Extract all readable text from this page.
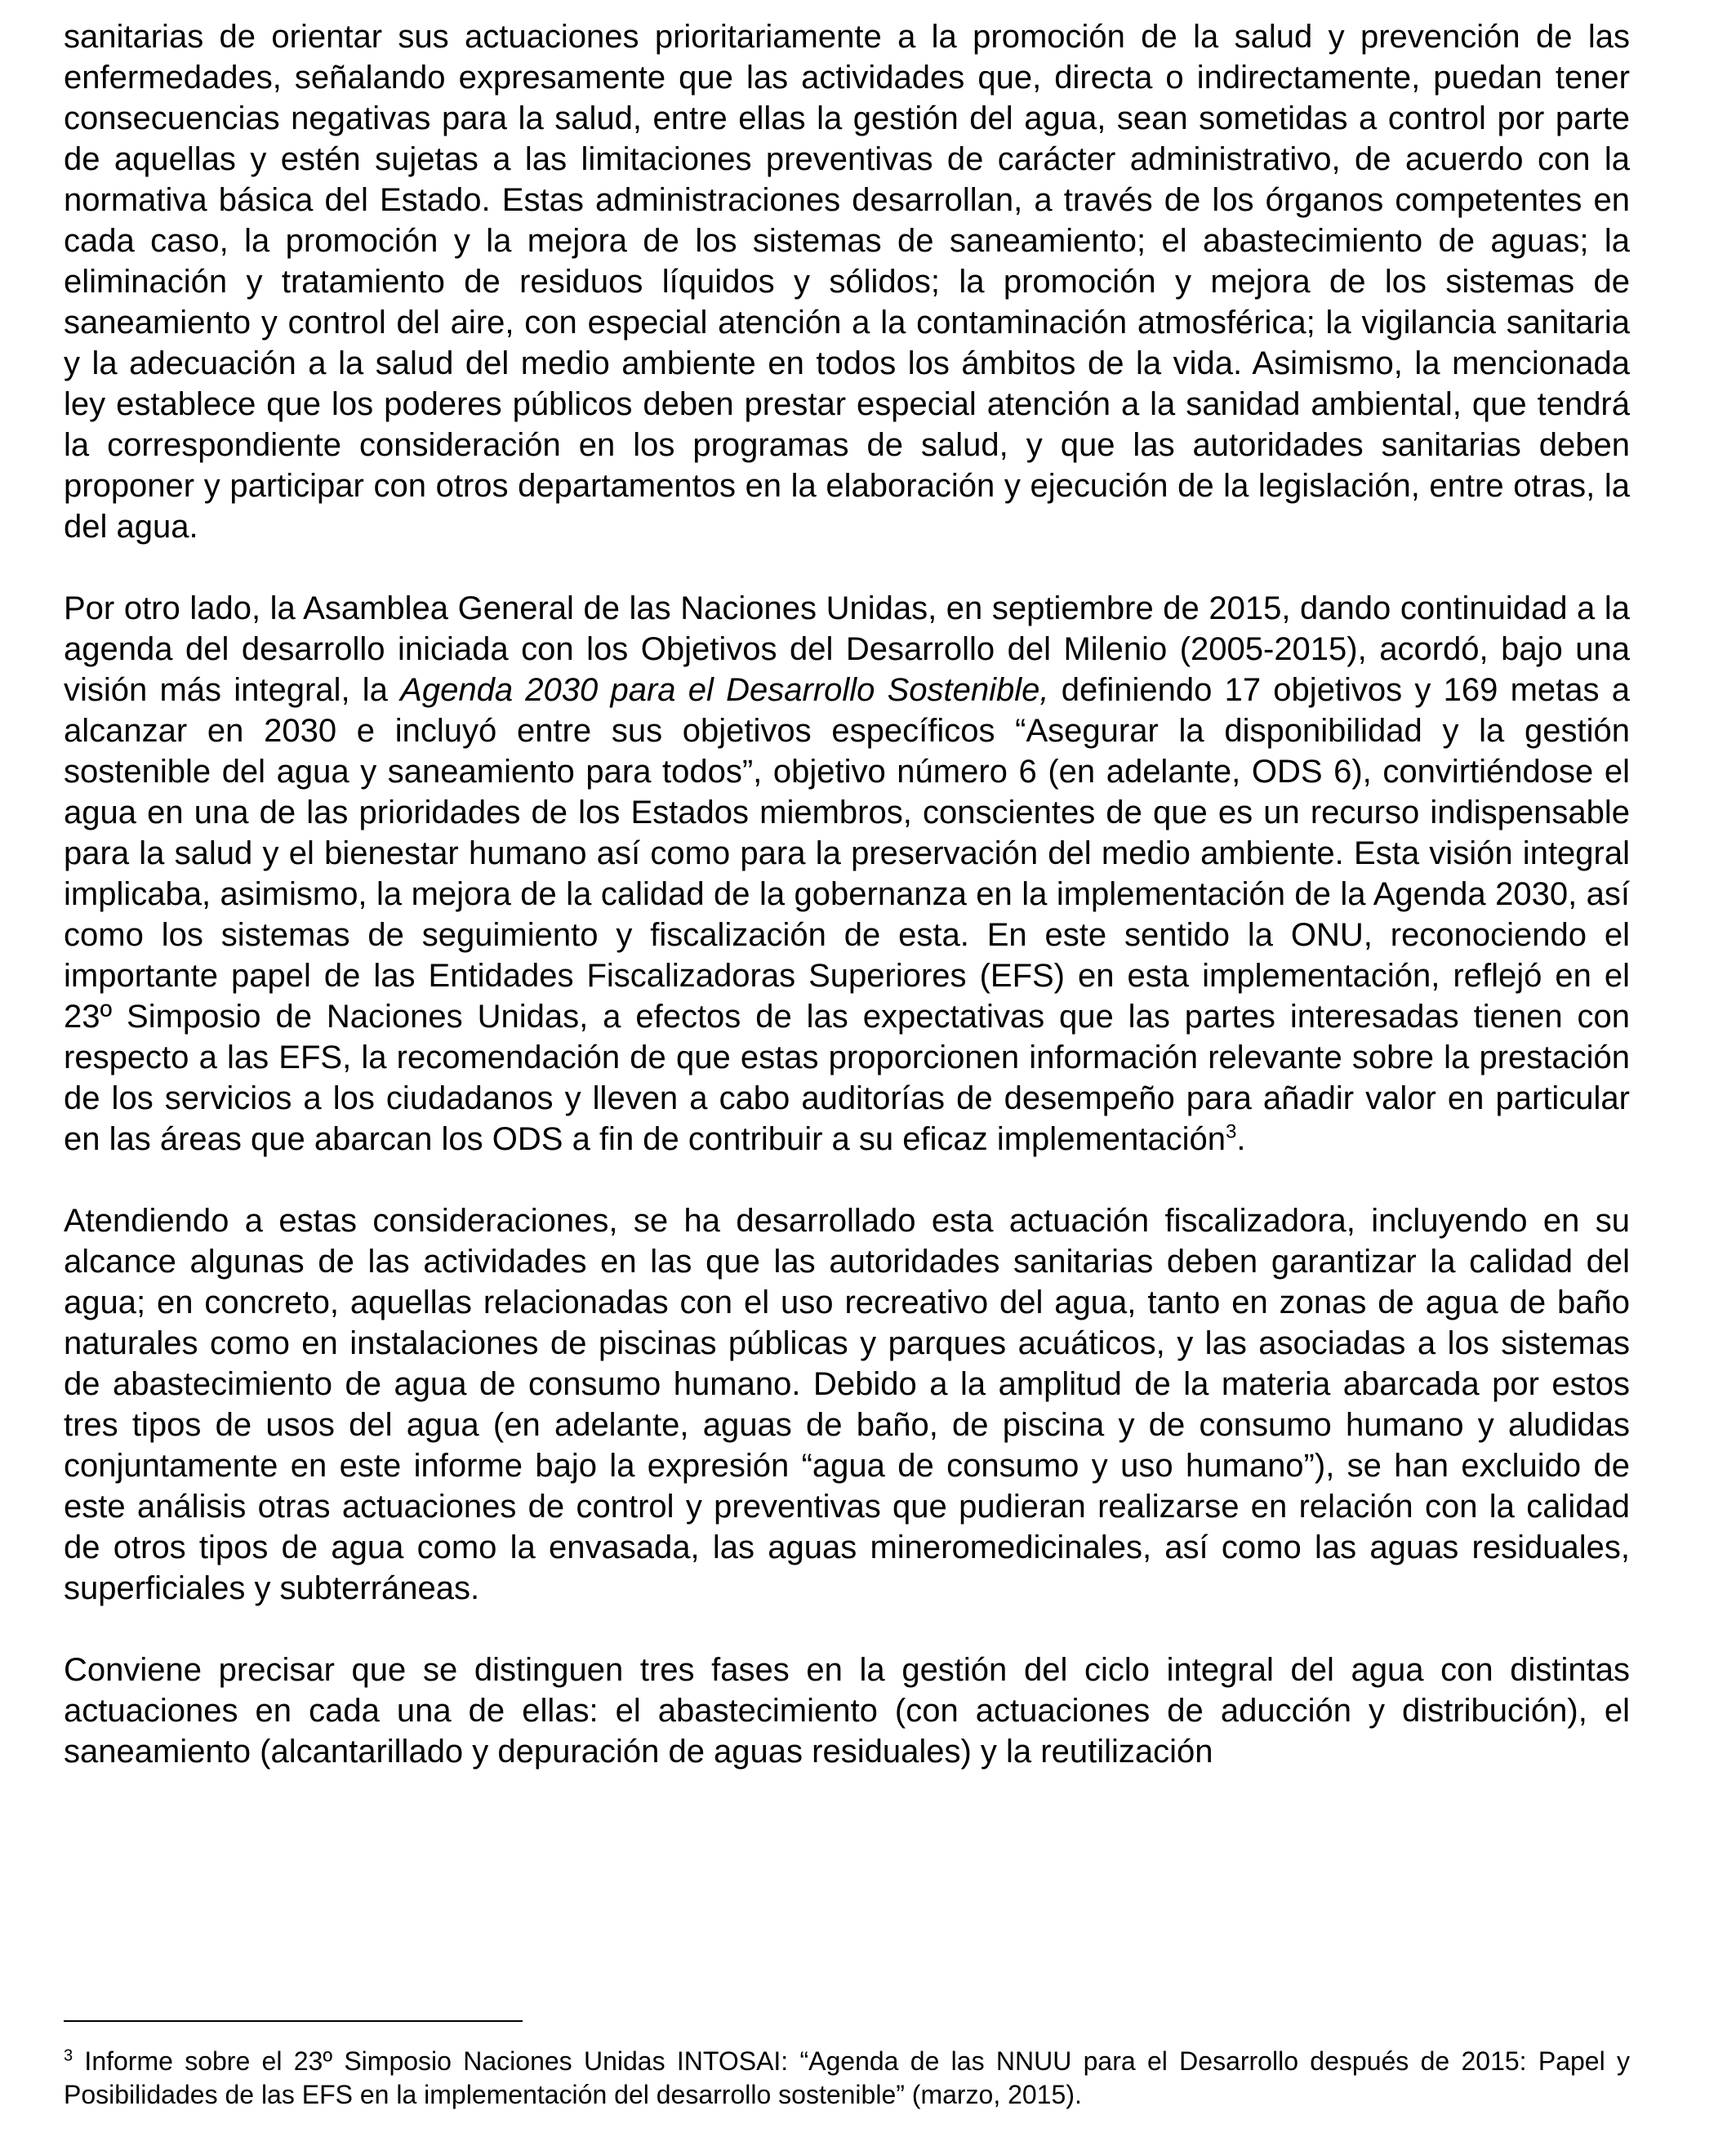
sanitarias de orientar sus actuaciones prioritariamente a la promoción de la salud y prevención de las enfermedades, señalando expresamente que las actividades que, directa o indirectamente, puedan tener consecuencias negativas para la salud, entre ellas la gestión del agua, sean sometidas a control por parte de aquellas y estén sujetas a las limitaciones preventivas de carácter administrativo, de acuerdo con la normativa básica del Estado. Estas administraciones desarrollan, a través de los órganos competentes en cada caso, la promoción y la mejora de los sistemas de saneamiento; el abastecimiento de aguas; la eliminación y tratamiento de residuos líquidos y sólidos; la promoción y mejora de los sistemas de saneamiento y control del aire, con especial atención a la contaminación atmosférica; la vigilancia sanitaria y la adecuación a la salud del medio ambiente en todos los ámbitos de la vida. Asimismo, la mencionada ley establece que los poderes públicos deben prestar especial atención a la sanidad ambiental, que tendrá la correspondiente consideración en los programas de salud, y que las autoridades sanitarias deben proponer y participar con otros departamentos en la elaboración y ejecución de la legislación, entre otras, la del agua.

Por otro lado, la Asamblea General de las Naciones Unidas, en septiembre de 2015, dando continuidad a la agenda del desarrollo iniciada con los Objetivos del Desarrollo del Milenio (2005-2015), acordó, bajo una visión más integral, la Agenda 2030 para el Desarrollo Sostenible, definiendo 17 objetivos y 169 metas a alcanzar en 2030 e incluyó entre sus objetivos específicos “Asegurar la disponibilidad y la gestión sostenible del agua y saneamiento para todos”, objetivo número 6 (en adelante, ODS 6), convirtiéndose el agua en una de las prioridades de los Estados miembros, conscientes de que es un recurso indispensable para la salud y el bienestar humano así como para la preservación del medio ambiente. Esta visión integral implicaba, asimismo, la mejora de la calidad de la gobernanza en la implementación de la Agenda 2030, así como los sistemas de seguimiento y fiscalización de esta. En este sentido la ONU, reconociendo el importante papel de las Entidades Fiscalizadoras Superiores (EFS) en esta implementación, reflejó en el 23º Simposio de Naciones Unidas, a efectos de las expectativas que las partes interesadas tienen con respecto a las EFS, la recomendación de que estas proporcionen información relevante sobre la prestación de los servicios a los ciudadanos y lleven a cabo auditorías de desempeño para añadir valor en particular en las áreas que abarcan los ODS a fin de contribuir a su eficaz implementación$^3$.

Atendiendo a estas consideraciones, se ha desarrollado esta actuación fiscalizadora, incluyendo en su alcance algunas de las actividades en las que las autoridades sanitarias deben garantizar la calidad del agua; en concreto, aquellas relacionadas con el uso recreativo del agua, tanto en zonas de agua de baño naturales como en instalaciones de piscinas públicas y parques acuáticos, y las asociadas a los sistemas de abastecimiento de agua de consumo humano. Debido a la amplitud de la materia abarcada por estos tres tipos de usos del agua (en adelante, aguas de baño, de piscina y de consumo humano y aludidas conjuntamente en este informe bajo la expresión “agua de consumo y uso humano”), se han excluido de este análisis otras actuaciones de control y preventivas que pudieran realizarse en relación con la calidad de otros tipos de agua como la envasada, las aguas mineromedicinales, así como las aguas residuales, superficiales y subterráneas.

Conviene precisar que se distinguen tres fases en la gestión del ciclo integral del agua con distintas actuaciones en cada una de ellas: el abastecimiento (con actuaciones de aducción y distribución), el saneamiento (alcantarillado y depuración de aguas residuales) y la reutilización

$^3$ Informe sobre el 23º Simposio Naciones Unidas INTOSAI: “Agenda de las NNUU para el Desarrollo después de 2015: Papel y Posibilidades de las EFS en la implementación del desarrollo sostenible” (marzo, 2015).
